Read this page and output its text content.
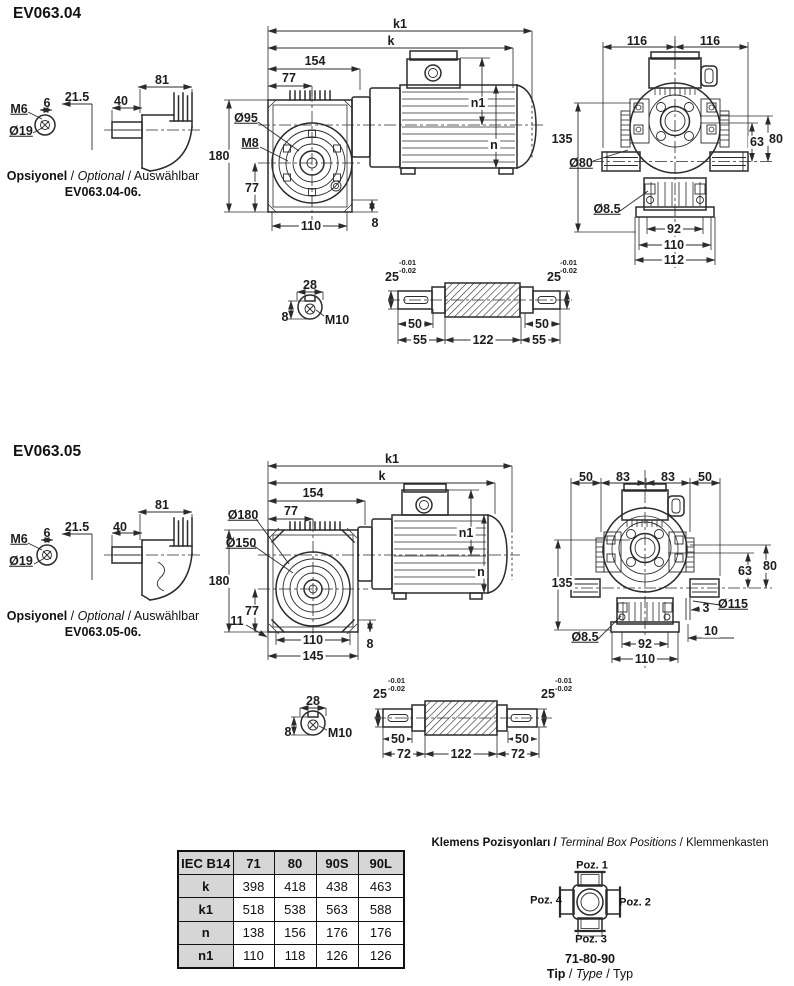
EV063.04
Opsiyonel / Optional / Auswählbar
EV063.04-06.
M6 6 21.5
Ø19
81
40
k1
k
154
77
Ø95
M8
180
77
110	8
n1
n
116	116
135
Ø80
Ø8.5
63 80
92
110
112
28
8	M10
25
-0.01
-0.02	25
-0.01
-0.02
50	50
55	122	55
EV063.05
Opsiyonel / Optional / Auswählbar
EV063.05-06.
M6 6 21.5
Ø19
81
40
k1
k
154
77
Ø180
Ø150
180
77
11
110	8
145
n1
n
50 83 83 50
135
Ø8.5
63 80
3 Ø115
10
92
110
28
8	M10
25
-0.01
-0.02	25
-0.01
-0.02
50	50
72	122	72
IEC B14	71	80	90S	90L
k	398	418	438	463
k1	518	538	563	588
n	138	156	176	176
n1	110	118	126	126
Klemens Pozisyonları / Terminal Box Positions / Klemmenkasten
Poz. 1
Poz. 2
Poz. 3
Poz. 4
71-80-90
Tip / Type / Typ
